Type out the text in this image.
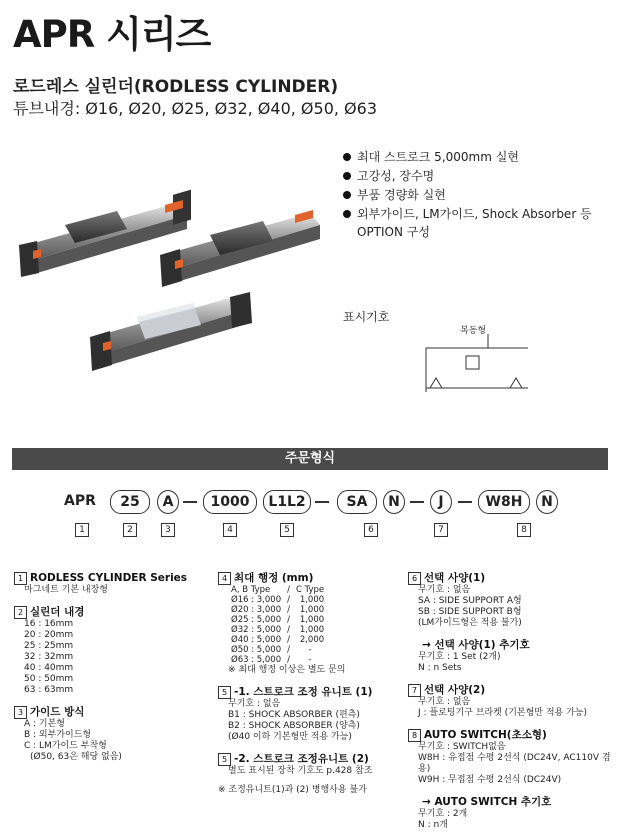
APR 시리즈
로드레스 실린더(RODLESS CYLINDER)
튜브내경: Ø16, Ø20, Ø25, Ø32, Ø40, Ø50, Ø63
최대 스트로크 5,000mm 실현
고강성, 장수명
부품 경량화 실현
외부가이드, LM가이드, Shock Absorber 등
OPTION 구성
표시기호
복동형
주문형식
APR	25	A	1000	L1L2	SA	N	J	W8H	N
1	2	3	4	5	6	7	8
1 RODLESS CYLINDER Series
마그네트 기본 내장형
2 실린더 내경
16 : 16mm
20 : 20mm
25 : 25mm
32 : 32mm
40 : 40mm
50 : 50mm
63 : 63mm
3 가이드 방식
A : 기본형
B : 외부가이드형
C : LM가이드 부착형
(Ø50, 63은 해당 없음)
4 최대 행정 (mm)
A, B Type	/	C Type
Ø16 : 3,000	/	1,000
Ø20 : 3,000	/	1,000
Ø25 : 5,000	/	1,000
Ø32 : 5,000	/	1,000
Ø40 : 5,000	/	2,000
Ø50 : 5,000	/	-
Ø63 : 5,000	/	-
※ 최대 행정 이상은 별도 문의
5 -1. 스트로크 조정 유니트 (1)
무기호 : 없음
B1 : SHOCK ABSORBER (편측)
B2 : SHOCK ABSORBER (양측)
(Ø40 이하 기본형만 적용 가능)
5 -2. 스트로크 조정유니트 (2)
별도 표시된 장착 기호도 p.428 참조
※ 조정유니트(1)과 (2) 병행사용 불가
6 선택 사양(1)
무기호 : 없음
SA : SIDE SUPPORT A형
SB : SIDE SUPPORT B형
(LM가이드형은 적용 불가)
→ 선택 사양(1) 추기호
무기호 : 1 Set (2개)
N : n Sets
7 선택 사양(2)
무기호 : 없음
J : 플로팅기구 브라켓 (기본형만 적용 가능)
8 AUTO SWITCH(초소형)
무기호 : SWITCH없음
W8H : 유접점 수평 2선식 (DC24V, AC110V 겸용)
W9H : 무접점 수평 2선식 (DC24V)
→ AUTO SWITCH 추기호
무기호 : 2개
N : n개
